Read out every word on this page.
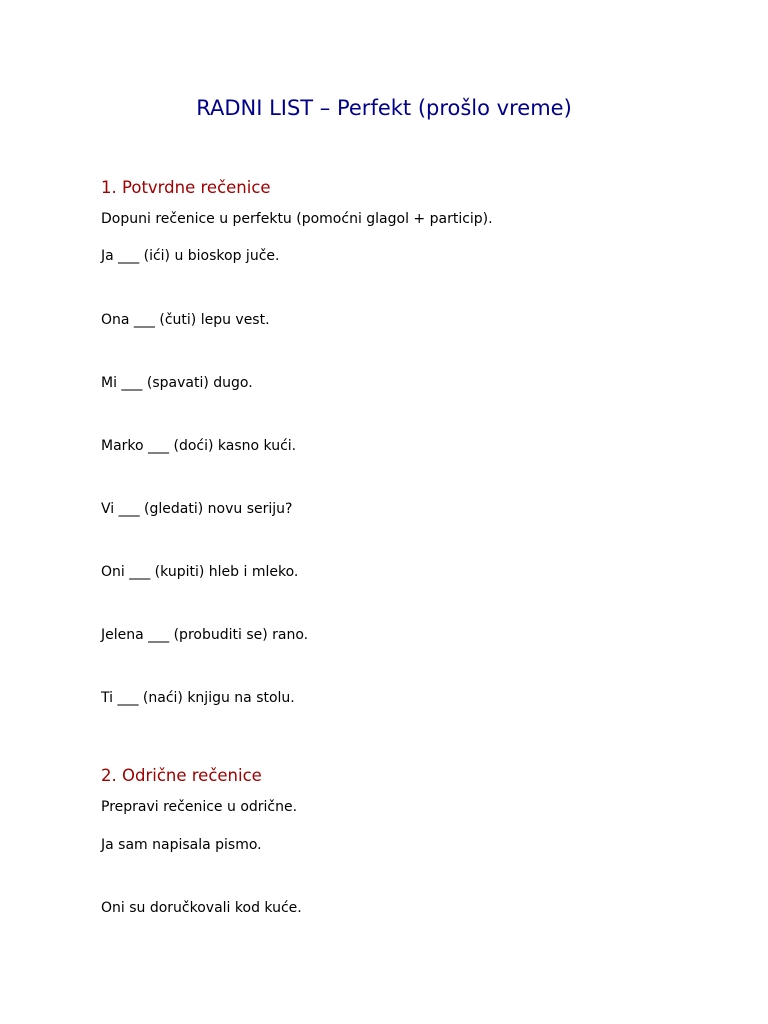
RADNI LIST – Perfekt (prošlo vreme)
1. Potvrdne rečenice

Dopuni rečenice u perfektu (pomoćni glagol + particip).

Ja ___ (ići) u bioskop juče.

Ona ___ (čuti) lepu vest.

Mi ___ (spavati) dugo.

Marko ___ (doći) kasno kući.

Vi ___ (gledati) novu seriju?

Oni ___ (kupiti) hleb i mleko.

Jelena ___ (probuditi se) rano.

Ti ___ (naći) knjigu na stolu.

2. Odrične rečenice

Prepravi rečenice u odrične.

Ja sam napisala pismo.

Oni su doručkovali kod kuće.
